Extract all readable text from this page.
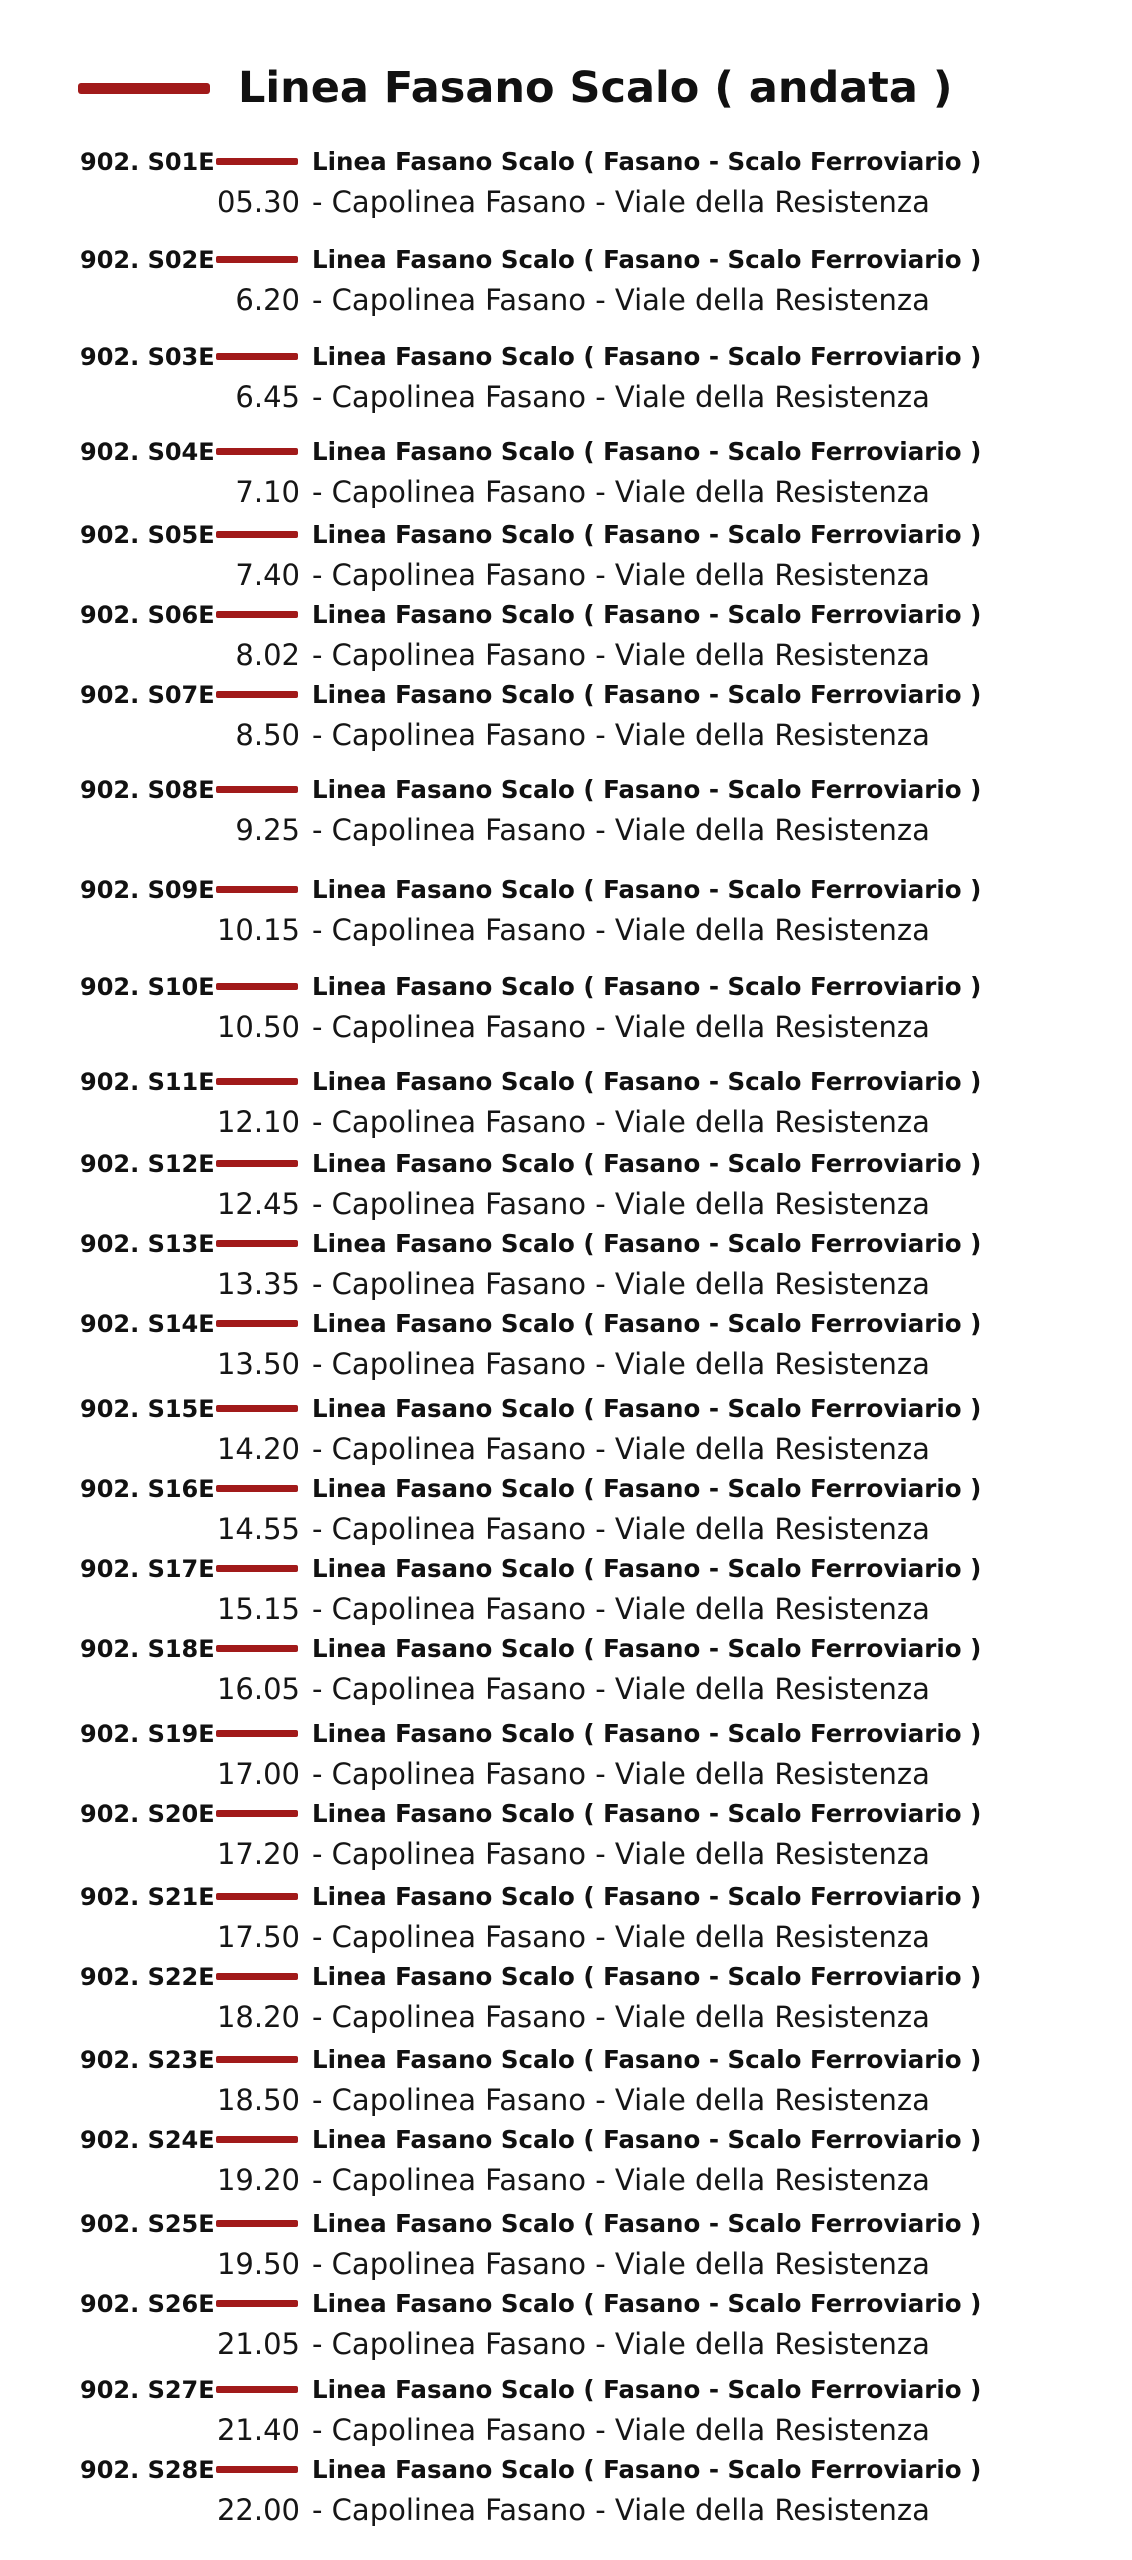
Linea Fasano Scalo ( andata )
902. S01E	Linea Fasano Scalo ( Fasano - Scalo Ferroviario )
05.30 - Capolinea Fasano - Viale della Resistenza
902. S02E	Linea Fasano Scalo ( Fasano - Scalo Ferroviario )
6.20 - Capolinea Fasano - Viale della Resistenza
902. S03E	Linea Fasano Scalo ( Fasano - Scalo Ferroviario )
6.45 - Capolinea Fasano - Viale della Resistenza
902. S04E	Linea Fasano Scalo ( Fasano - Scalo Ferroviario )
7.10 - Capolinea Fasano - Viale della Resistenza
902. S05E	Linea Fasano Scalo ( Fasano - Scalo Ferroviario )
7.40 - Capolinea Fasano - Viale della Resistenza
902. S06E	Linea Fasano Scalo ( Fasano - Scalo Ferroviario )
8.02 - Capolinea Fasano - Viale della Resistenza
902. S07E	Linea Fasano Scalo ( Fasano - Scalo Ferroviario )
8.50 - Capolinea Fasano - Viale della Resistenza
902. S08E	Linea Fasano Scalo ( Fasano - Scalo Ferroviario )
9.25 - Capolinea Fasano - Viale della Resistenza
902. S09E	Linea Fasano Scalo ( Fasano - Scalo Ferroviario )
10.15 - Capolinea Fasano - Viale della Resistenza
902. S10E	Linea Fasano Scalo ( Fasano - Scalo Ferroviario )
10.50 - Capolinea Fasano - Viale della Resistenza
902. S11E	Linea Fasano Scalo ( Fasano - Scalo Ferroviario )
12.10 - Capolinea Fasano - Viale della Resistenza
902. S12E	Linea Fasano Scalo ( Fasano - Scalo Ferroviario )
12.45 - Capolinea Fasano - Viale della Resistenza
902. S13E	Linea Fasano Scalo ( Fasano - Scalo Ferroviario )
13.35 - Capolinea Fasano - Viale della Resistenza
902. S14E	Linea Fasano Scalo ( Fasano - Scalo Ferroviario )
13.50 - Capolinea Fasano - Viale della Resistenza
902. S15E	Linea Fasano Scalo ( Fasano - Scalo Ferroviario )
14.20 - Capolinea Fasano - Viale della Resistenza
902. S16E	Linea Fasano Scalo ( Fasano - Scalo Ferroviario )
14.55 - Capolinea Fasano - Viale della Resistenza
902. S17E	Linea Fasano Scalo ( Fasano - Scalo Ferroviario )
15.15 - Capolinea Fasano - Viale della Resistenza
902. S18E	Linea Fasano Scalo ( Fasano - Scalo Ferroviario )
16.05 - Capolinea Fasano - Viale della Resistenza
902. S19E	Linea Fasano Scalo ( Fasano - Scalo Ferroviario )
17.00 - Capolinea Fasano - Viale della Resistenza
902. S20E	Linea Fasano Scalo ( Fasano - Scalo Ferroviario )
17.20 - Capolinea Fasano - Viale della Resistenza
902. S21E	Linea Fasano Scalo ( Fasano - Scalo Ferroviario )
17.50 - Capolinea Fasano - Viale della Resistenza
902. S22E	Linea Fasano Scalo ( Fasano - Scalo Ferroviario )
18.20 - Capolinea Fasano - Viale della Resistenza
902. S23E	Linea Fasano Scalo ( Fasano - Scalo Ferroviario )
18.50 - Capolinea Fasano - Viale della Resistenza
902. S24E	Linea Fasano Scalo ( Fasano - Scalo Ferroviario )
19.20 - Capolinea Fasano - Viale della Resistenza
902. S25E	Linea Fasano Scalo ( Fasano - Scalo Ferroviario )
19.50 - Capolinea Fasano - Viale della Resistenza
902. S26E	Linea Fasano Scalo ( Fasano - Scalo Ferroviario )
21.05 - Capolinea Fasano - Viale della Resistenza
902. S27E	Linea Fasano Scalo ( Fasano - Scalo Ferroviario )
21.40 - Capolinea Fasano - Viale della Resistenza
902. S28E	Linea Fasano Scalo ( Fasano - Scalo Ferroviario )
22.00 - Capolinea Fasano - Viale della Resistenza
